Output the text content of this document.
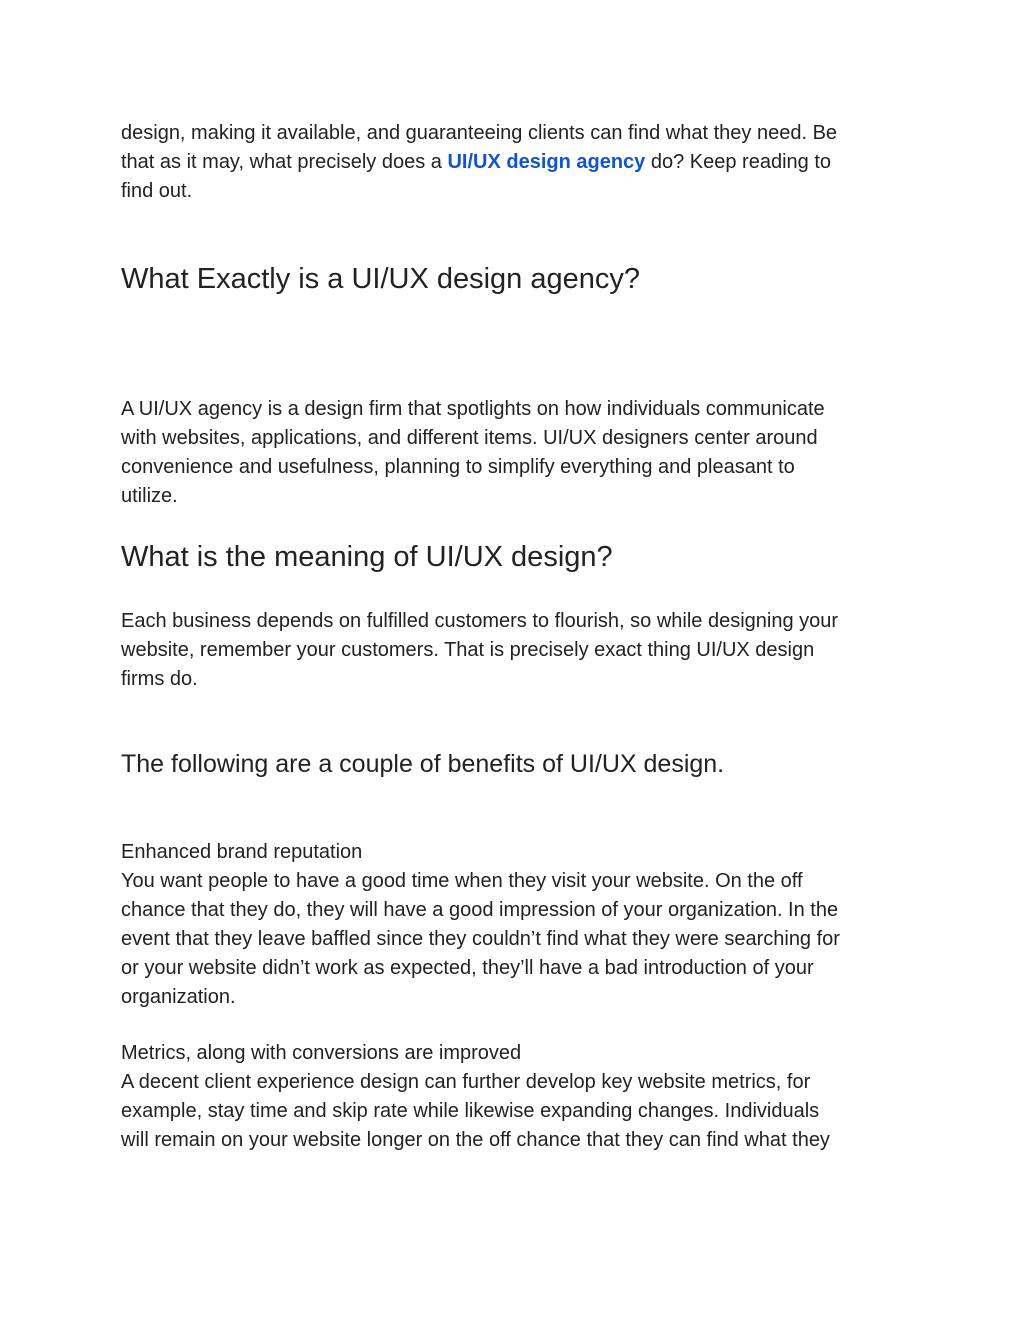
design, making it available, and guaranteeing clients can find what they need. Be
that as it may, what precisely does a UI/UX design agency do? Keep reading to
find out.
What Exactly is a UI/UX design agency?
A UI/UX agency is a design firm that spotlights on how individuals communicate
with websites, applications, and different items. UI/UX designers center around
convenience and usefulness, planning to simplify everything and pleasant to
utilize.
What is the meaning of UI/UX design?
Each business depends on fulfilled customers to flourish, so while designing your
website, remember your customers. That is precisely exact thing UI/UX design
firms do.
The following are a couple of benefits of UI/UX design.
Enhanced brand reputation
You want people to have a good time when they visit your website. On the off
chance that they do, they will have a good impression of your organization. In the
event that they leave baffled since they couldn’t find what they were searching for
or your website didn’t work as expected, they’ll have a bad introduction of your
organization.
Metrics, along with conversions are improved
A decent client experience design can further develop key website metrics, for
example, stay time and skip rate while likewise expanding changes. Individuals
will remain on your website longer on the off chance that they can find what they
